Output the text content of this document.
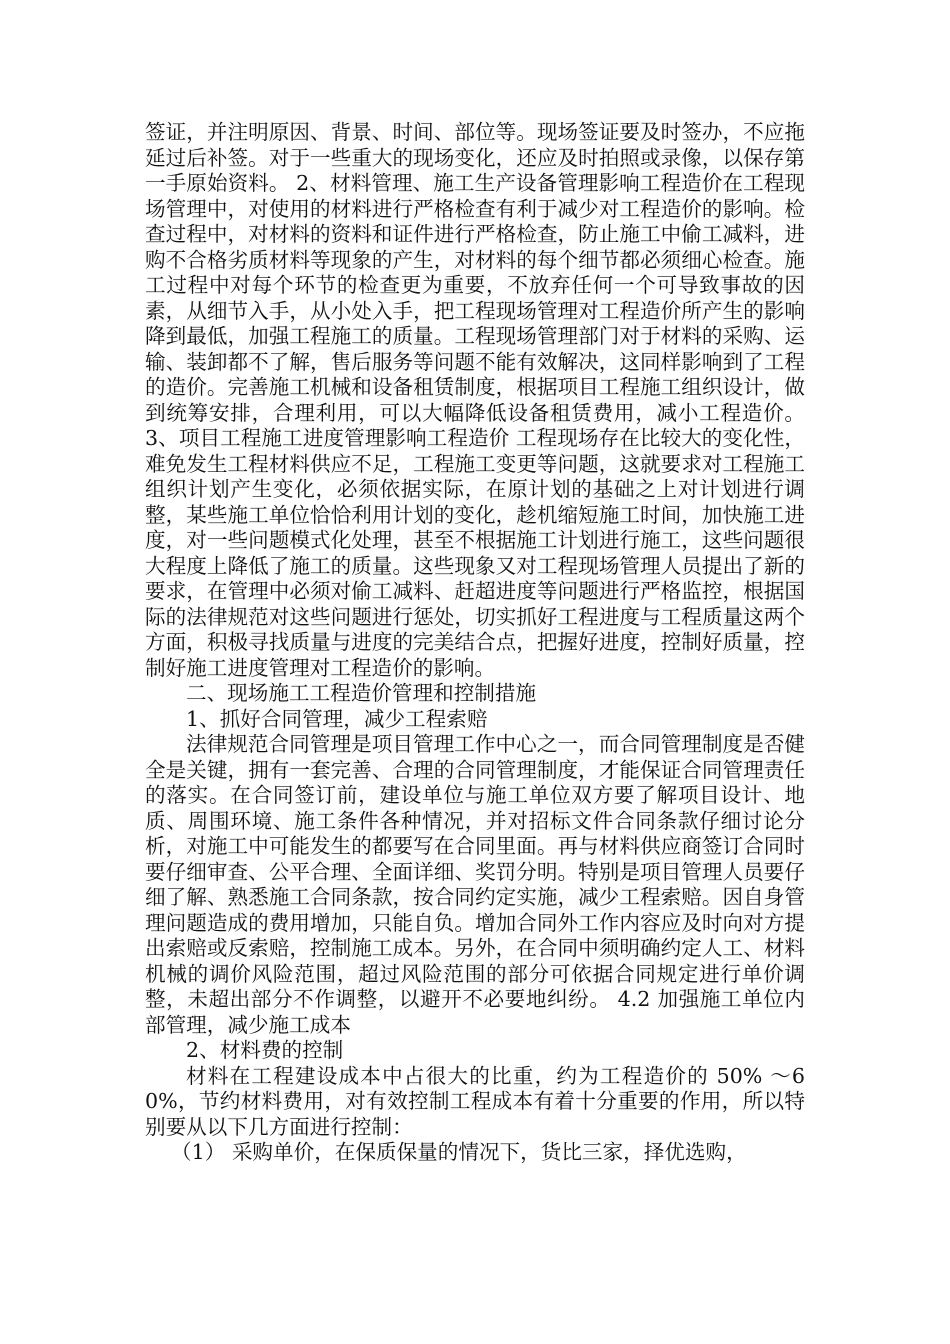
签证，并注明原因、背景、时间、部位等。现场签证要及时签办，不应拖延过后补签。对于一些重大的现场变化，还应及时拍照或录像，以保存第一手原始资料。 2、材料管理、施工生产设备管理影响工程造价在工程现场管理中，对使用的材料进行严格检查有利于减少对工程造价的影响。检查过程中，对材料的资料和证件进行严格检查，防止施工中偷工减料，进购不合格劣质材料等现象的产生，对材料的每个细节都必须细心检查。施工过程中对每个环节的检查更为重要，不放弃任何一个可导致事故的因素，从细节入手，从小处入手，把工程现场管理对工程造价所产生的影响降到最低，加强工程施工的质量。工程现场管理部门对于材料的采购、运输、装卸都不了解，售后服务等问题不能有效解决，这同样影响到了工程的造价。完善施工机械和设备租赁制度，根据项目工程施工组织设计，做到统筹安排，合理利用，可以大幅降低设备租赁费用，减小工程造价。 3、项目工程施工进度管理影响工程造价 工程现场存在比较大的变化性，难免发生工程材料供应不足，工程施工变更等问题，这就要求对工程施工组织计划产生变化，必须依据实际，在原计划的基础之上对计划进行调整，某些施工单位恰恰利用计划的变化，趁机缩短施工时间，加快施工进度，对一些问题模式化处理，甚至不根据施工计划进行施工，这些问题很大程度上降低了施工的质量。这些现象又对工程现场管理人员提出了新的要求，在管理中必须对偷工减料、赶超进度等问题进行严格监控，根据国际的法律规范对这些问题进行惩处，切实抓好工程进度与工程质量这两个方面，积极寻找质量与进度的完美结合点，把握好进度，控制好质量，控制好施工进度管理对工程造价的影响。

二、现场施工工程造价管理和控制措施

1、抓好合同管理，减少工程索赔

法律规范合同管理是项目管理工作中心之一，而合同管理制度是否健全是关键，拥有一套完善、合理的合同管理制度，才能保证合同管理责任的落实。在合同签订前，建设单位与施工单位双方要了解项目设计、地质、周围环境、施工条件各种情况，并对招标文件合同条款仔细讨论分析，对施工中可能发生的都要写在合同里面。再与材料供应商签订合同时要仔细审查、公平合理、全面详细、奖罚分明。特别是项目管理人员要仔细了解、熟悉施工合同条款，按合同约定实施，减少工程索赔。因自身管理问题造成的费用增加，只能自负。增加合同外工作内容应及时向对方提出索赔或反索赔，控制施工成本。另外，在合同中须明确约定人工、材料机械的调价风险范围，超过风险范围的部分可依据合同规定进行单价调整，未超出部分不作调整，以避开不必要地纠纷。 4.2 加强施工单位内部管理，减少施工成本

2、材料费的控制

材料在工程建设成本中占很大的比重，约为工程造价的 50% ～60%，节约材料费用，对有效控制工程成本有着十分重要的作用，所以特别要从以下几方面进行控制：

（1） 采购单价，在保质保量的情况下，货比三家，择优选购，
